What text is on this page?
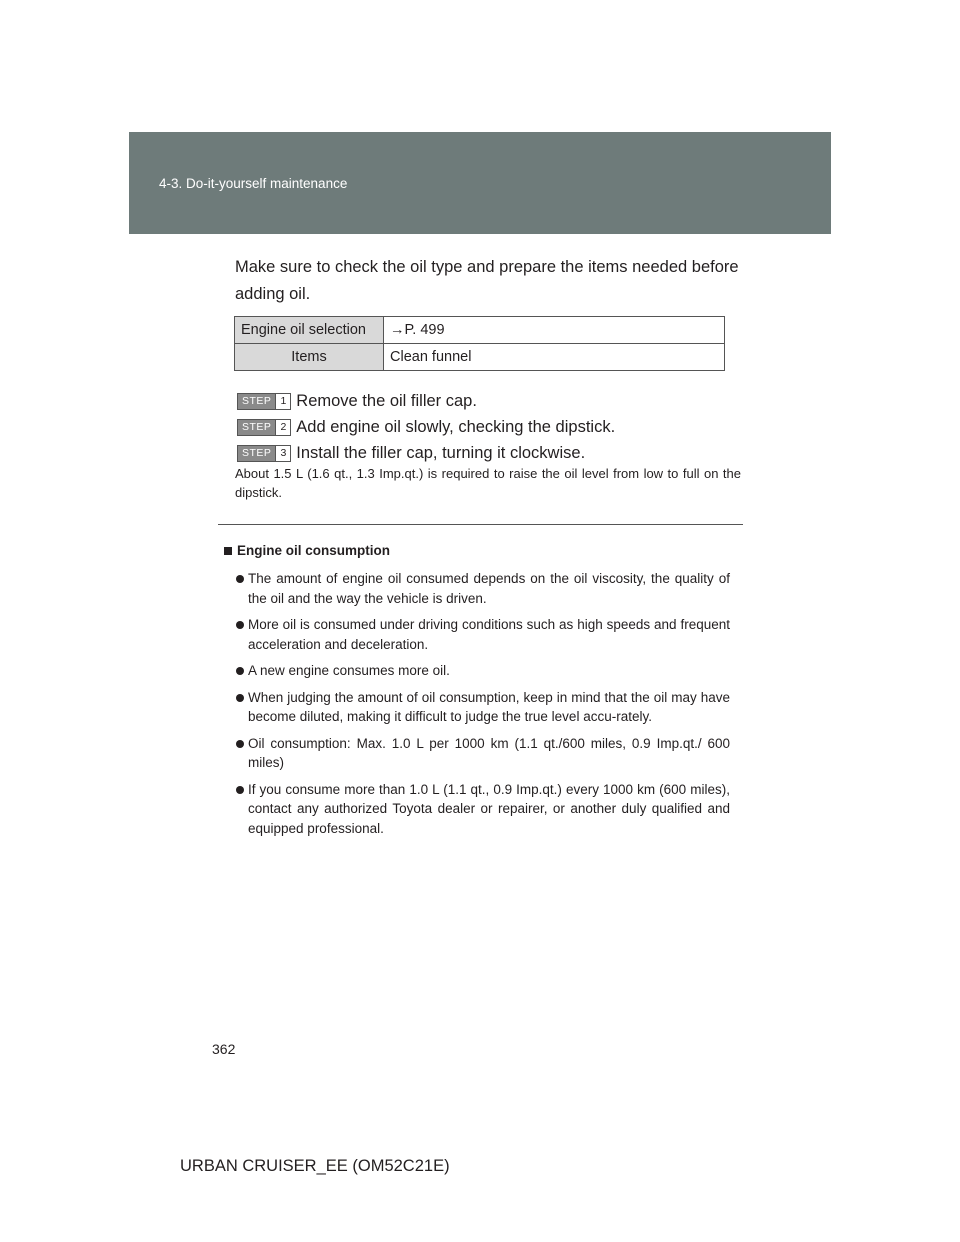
4-3. Do-it-yourself maintenance
Make sure to check the oil type and prepare the items needed before adding oil.
Engine oil selection	→P. 499
Items	Clean funnel
STEP 1 Remove the oil filler cap.
STEP 2 Add engine oil slowly, checking the dipstick.
STEP 3 Install the filler cap, turning it clockwise.
About 1.5 L (1.6 qt., 1.3 Imp.qt.) is required to raise the oil level from low to full on the dipstick.
Engine oil consumption
The amount of engine oil consumed depends on the oil viscosity, the quality of the oil and the way the vehicle is driven.
More oil is consumed under driving conditions such as high speeds and frequent acceleration and deceleration.
A new engine consumes more oil.
When judging the amount of oil consumption, keep in mind that the oil may have become diluted, making it difficult to judge the true level accu-rately.
Oil consumption: Max. 1.0 L per 1000 km (1.1 qt./600 miles, 0.9 Imp.qt./ 600 miles)
If you consume more than 1.0 L (1.1 qt., 0.9 Imp.qt.) every 1000 km (600 miles), contact any authorized Toyota dealer or repairer, or another duly qualified and equipped professional.
362
URBAN CRUISER_EE (OM52C21E)
